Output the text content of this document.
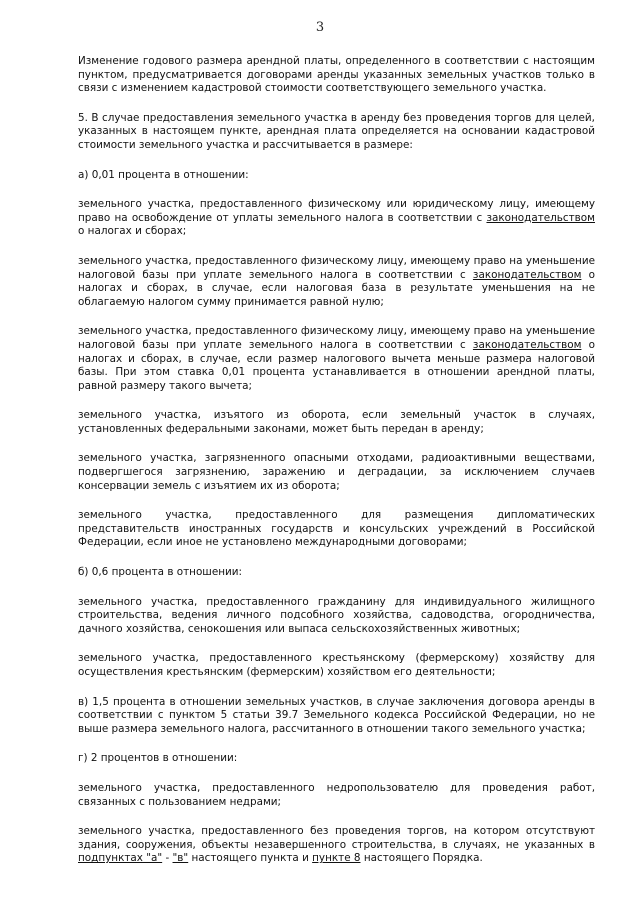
3

Изменение годового размера арендной платы, определенного в соответствии с настоящим пунктом, предусматривается договорами аренды указанных земельных участков только в связи с изменением кадастровой стоимости соответствующего земельного участка.

5. В случае предоставления земельного участка в аренду без проведения торгов для целей, указанных в настоящем пункте, арендная плата определяется на основании кадастровой стоимости земельного участка и рассчитывается в размере:

а) 0,01 процента в отношении:

земельного участка, предоставленного физическому или юридическому лицу, имеющему право на освобождение от уплаты земельного налога в соответствии с законодательством о налогах и сборах;

земельного участка, предоставленного физическому лицу, имеющему право на уменьшение налоговой базы при уплате земельного налога в соответствии с законодательством о налогах и сборах, в случае, если налоговая база в результате уменьшения на не облагаемую налогом сумму принимается равной нулю;

земельного участка, предоставленного физическому лицу, имеющему право на уменьшение налоговой базы при уплате земельного налога в соответствии с законодательством о налогах и сборах, в случае, если размер налогового вычета меньше размера налоговой базы. При этом ставка 0,01 процента устанавливается в отношении арендной платы, равной размеру такого вычета;

земельного участка, изъятого из оборота, если земельный участок в случаях, установленных федеральными законами, может быть передан в аренду;

земельного участка, загрязненного опасными отходами, радиоактивными веществами, подвергшегося загрязнению, заражению и деградации, за исключением случаев консервации земель с изъятием их из оборота;

земельного участка, предоставленного для размещения дипломатических представительств иностранных государств и консульских учреждений в Российской Федерации, если иное не установлено международными договорами;

б) 0,6 процента в отношении:

земельного участка, предоставленного гражданину для индивидуального жилищного строительства, ведения личного подсобного хозяйства, садоводства, огородничества, дачного хозяйства, сенокошения или выпаса сельскохозяйственных животных;

земельного участка, предоставленного крестьянскому (фермерскому) хозяйству для осуществления крестьянским (фермерским) хозяйством его деятельности;

в) 1,5 процента в отношении земельных участков, в случае заключения договора аренды в соответствии с пунктом 5 статьи 39.7 Земельного кодекса Российской Федерации, но не выше размера земельного налога, рассчитанного в отношении такого земельного участка;

г) 2 процентов в отношении:

земельного участка, предоставленного недропользователю для проведения работ, связанных с пользованием недрами;

земельного участка, предоставленного без проведения торгов, на котором отсутствуют здания, сооружения, объекты незавершенного строительства, в случаях, не указанных в подпунктах "а" - "в" настоящего пункта и пункте 8 настоящего Порядка.
